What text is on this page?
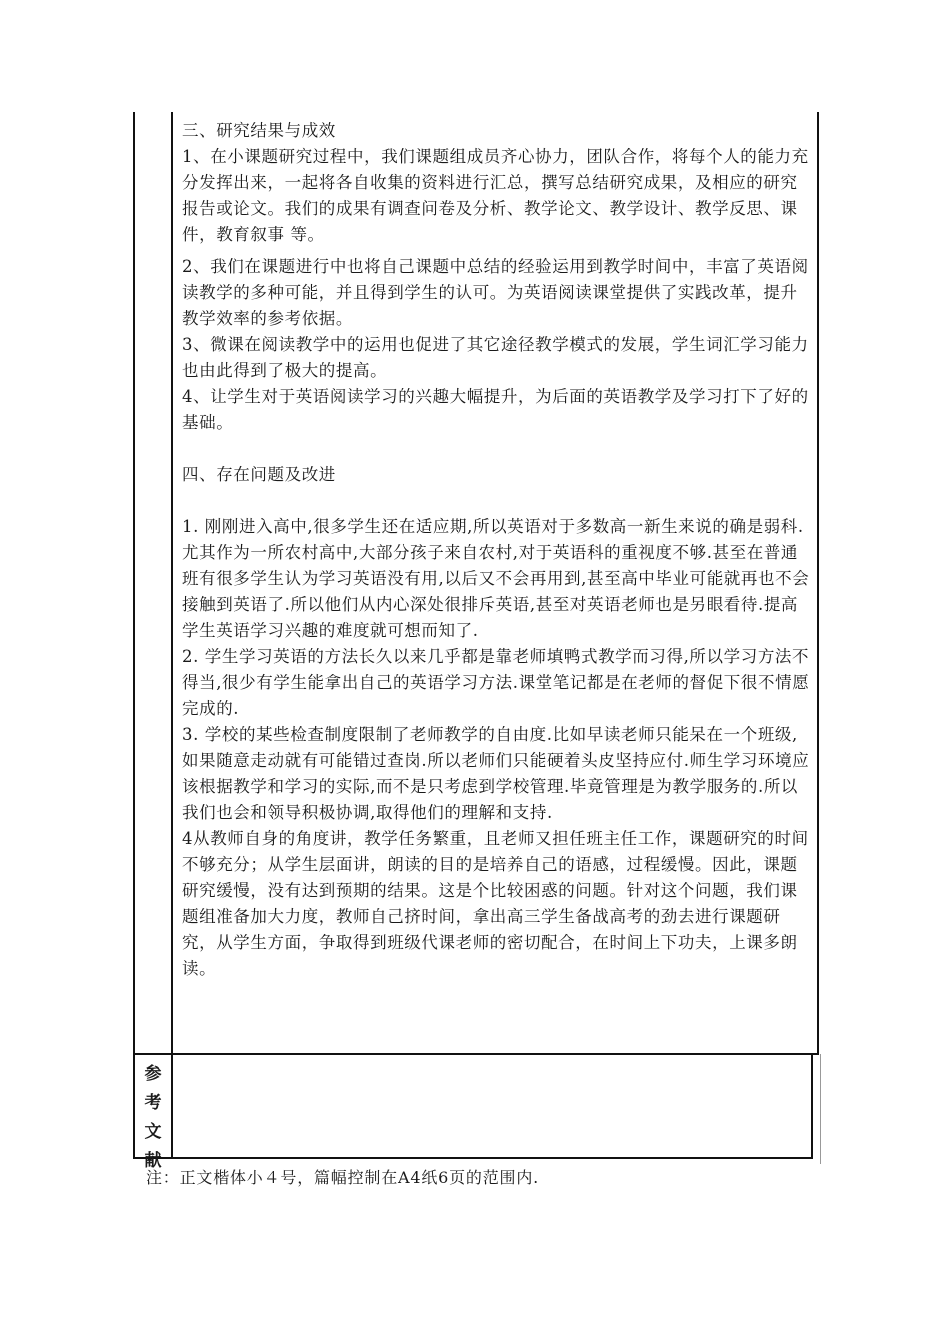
三、研究结果与成效

1、在小课题研究过程中，我们课题组成员齐心协力，团队合作，将每个人的能力充分发挥出来，一起将各自收集的资料进行汇总，撰写总结研究成果，及相应的研究报告或论文。我们的成果有调查问卷及分析、教学论文、教学设计、教学反思、课件，教育叙事 等。

2、我们在课题进行中也将自己课题中总结的经验运用到教学时间中，丰富了英语阅读教学的多种可能，并且得到学生的认可。为英语阅读课堂提供了实践改革，提升教学效率的参考依据。

3、微课在阅读教学中的运用也促进了其它途径教学模式的发展，学生词汇学习能力也由此得到了极大的提高。

4、让学生对于英语阅读学习的兴趣大幅提升，为后面的英语教学及学习打下了好的基础。

四、存在问题及改进

1. 刚刚进入高中,很多学生还在适应期,所以英语对于多数高一新生来说的确是弱科.尤其作为一所农村高中,大部分孩子来自农村,对于英语科的重视度不够.甚至在普通班有很多学生认为学习英语没有用,以后又不会再用到,甚至高中毕业可能就再也不会接触到英语了.所以他们从内心深处很排斥英语,甚至对英语老师也是另眼看待.提高学生英语学习兴趣的难度就可想而知了.

2. 学生学习英语的方法长久以来几乎都是靠老师填鸭式教学而习得,所以学习方法不得当,很少有学生能拿出自己的英语学习方法.课堂笔记都是在老师的督促下很不情愿完成的.

3. 学校的某些检查制度限制了老师教学的自由度.比如早读老师只能呆在一个班级,如果随意走动就有可能错过查岗.所以老师们只能硬着头皮坚持应付.师生学习环境应该根据教学和学习的实际,而不是只考虑到学校管理.毕竟管理是为教学服务的.所以我们也会和领导积极协调,取得他们的理解和支持.

4从教师自身的角度讲，教学任务繁重，且老师又担任班主任工作，课题研究的时间不够充分；从学生层面讲，朗读的目的是培养自己的语感，过程缓慢。因此，课题研究缓慢，没有达到预期的结果。这是个比较困惑的问题。针对这个问题，我们课题组准备加大力度，教师自己挤时间，拿出高三学生备战高考的劲去进行课题研究，从学生方面，争取得到班级代课老师的密切配合，在时间上下功夫，上课多朗读。

参
考
文
献
注：正文楷体小４号，篇幅控制在A4纸6页的范围内.
